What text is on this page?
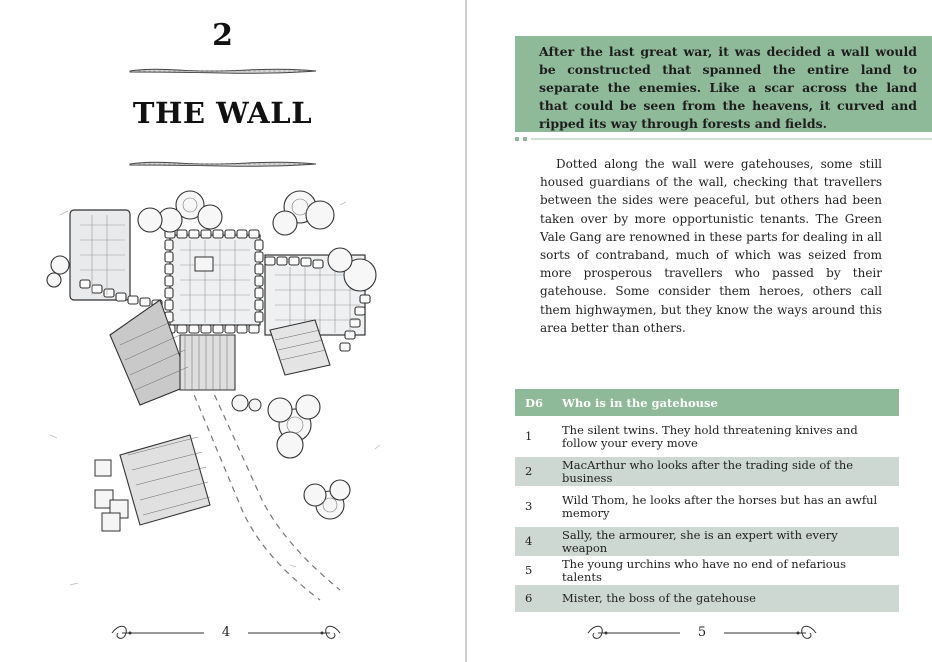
2
THE WALL
4
After the last great war, it was decided a wall would be constructed that spanned the entire land to separate the enemies. Like a scar across the land that could be seen from the heavens, it curved and ripped its way through forests and fields.

Dotted along the wall were gatehouses, some still housed guardians of the wall, checking that travellers between the sides were peaceful, but others had been taken over by more opportunistic tenants. The Green Vale Gang are renowned in these parts for dealing in all sorts of contraband, much of which was seized from more prosperous travellers who passed by their gatehouse. Some consider them heroes, others call them highwaymen, but they know the ways around this area better than others.

D6	Who is in the gatehouse
1	The silent twins. They hold threatening knives and follow your every move
2	MacArthur who looks after the trading side of the business
3	Wild Thom, he looks after the horses but has an awful memory
4	Sally, the armourer, she is an expert with every weapon
5	The young urchins who have no end of nefarious talents
6	Mister, the boss of the gatehouse
5
